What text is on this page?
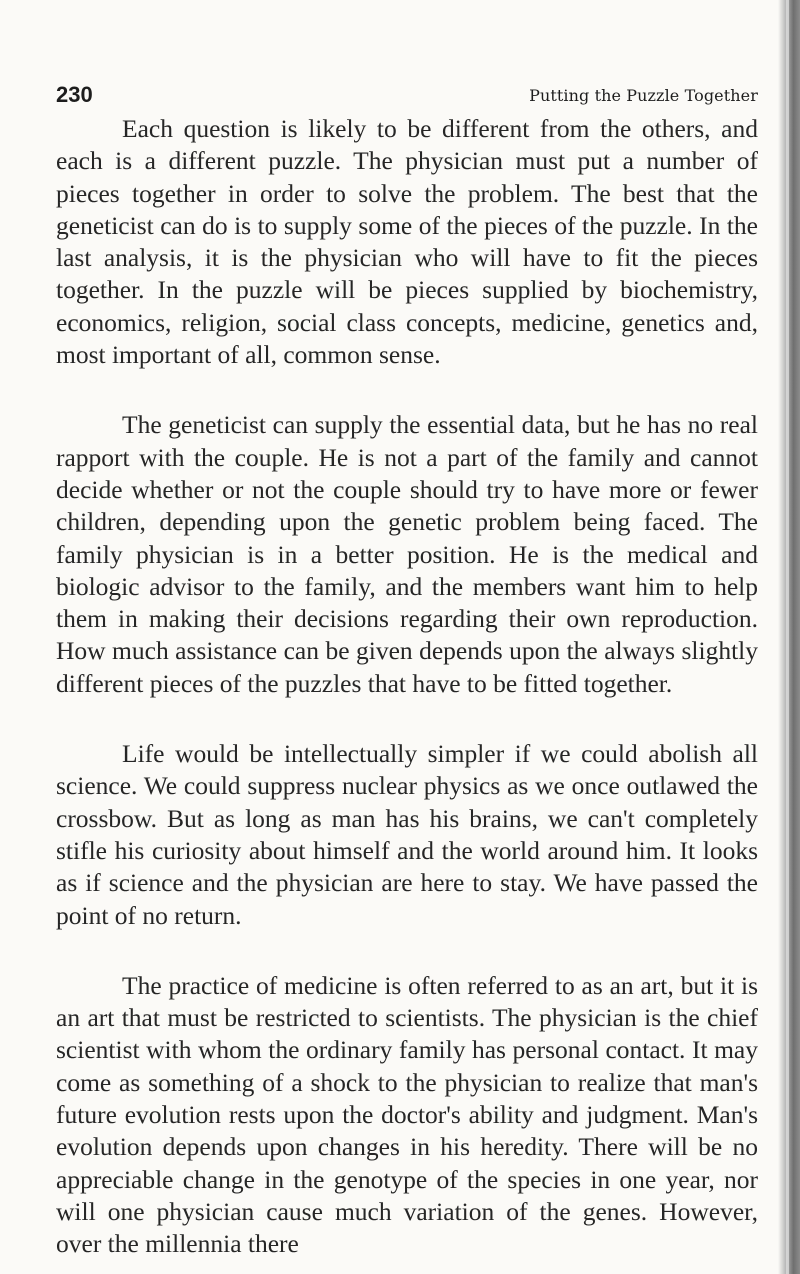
230	Putting the Puzzle Together

Each question is likely to be different from the others, and each is a different puzzle. The physician must put a number of pieces together in order to solve the problem. The best that the geneticist can do is to supply some of the pieces of the puzzle. In the last analysis, it is the physician who will have to fit the pieces together. In the puzzle will be pieces supplied by biochemistry, economics, religion, social class concepts, medicine, genetics and, most important of all, common sense.

The geneticist can supply the essential data, but he has no real rapport with the couple. He is not a part of the family and cannot decide whether or not the couple should try to have more or fewer children, depending upon the genetic problem being faced. The family physician is in a better position. He is the medical and biologic advisor to the family, and the members want him to help them in making their decisions regarding their own reproduction. How much assistance can be given depends upon the always slightly different pieces of the puzzles that have to be fitted together.

Life would be intellectually simpler if we could abolish all science. We could suppress nuclear physics as we once outlawed the crossbow. But as long as man has his brains, we can't completely stifle his curiosity about himself and the world around him. It looks as if science and the physician are here to stay. We have passed the point of no return.

The practice of medicine is often referred to as an art, but it is an art that must be restricted to scientists. The physician is the chief scientist with whom the ordinary family has personal contact. It may come as something of a shock to the physician to realize that man's future evolution rests upon the doctor's ability and judgment. Man's evolution depends upon changes in his heredity. There will be no appreciable change in the genotype of the species in one year, nor will one physician cause much variation of the genes. However, over the millennia there
